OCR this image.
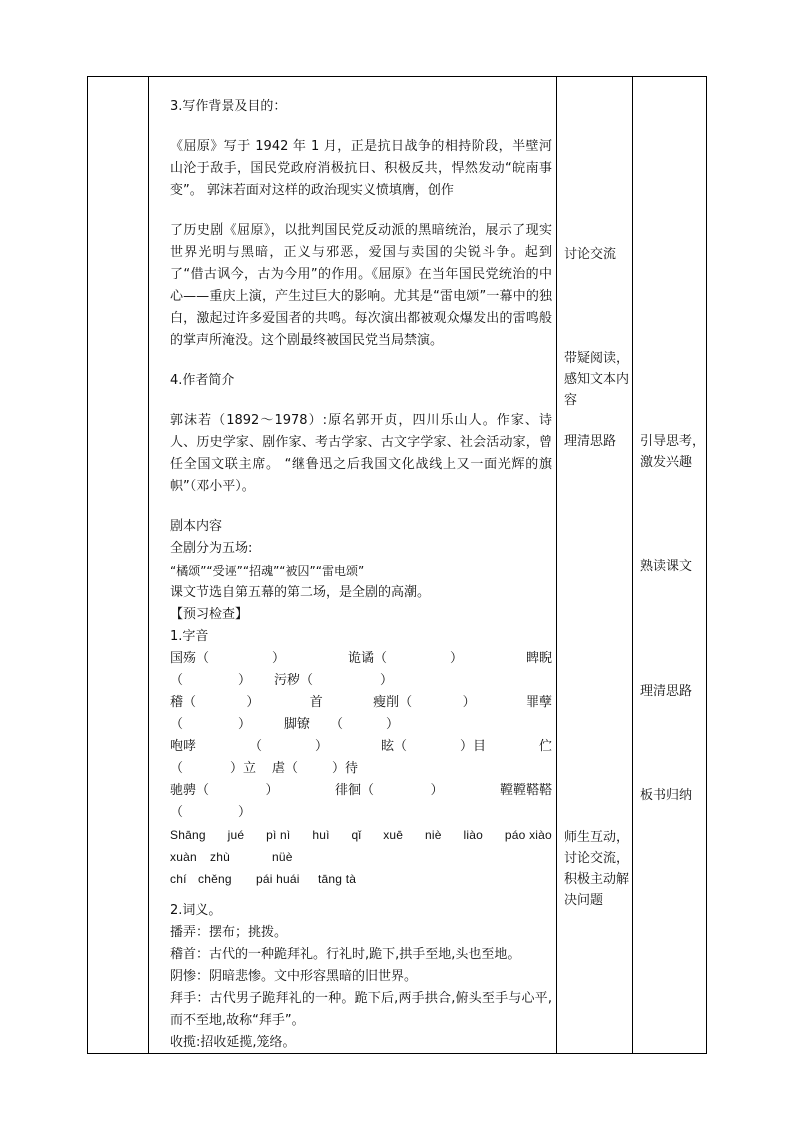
3.写作背景及目的：

《屈原》写于 1942 年 1 月，正是抗日战争的相持阶段，半壁河山沦于敌手，国民党政府消极抗日、积极反共，悍然发动“皖南事变”。 郭沫若面对这样的政治现实义愤填膺，创作

了历史剧《屈原》，以批判国民党反动派的黑暗统治，展示了现实世界光明与黑暗，正义与邪恶，爱国与卖国的尖锐斗争。起到了“借古讽今，古为今用”的作用。《屈原》在当年国民党统治的中心——重庆上演，产生过巨大的影响。尤其是“雷电颂”一幕中的独白，激起过许多爱国者的共鸣。每次演出都被观众爆发出的雷鸣般的掌声所淹没。这个剧最终被国民党当局禁演。

4.作者简介

郭沫若（1892～1978）:原名郭开贞，四川乐山人。作家、诗人、历史学家、剧作家、考古学家、古文字学家、社会活动家，曾任全国文联主席。 “继鲁迅之后我国文化战线上又一面光辉的旗帜”（邓小平）。

剧本内容

全剧分为五场:

“橘颂”“受诬”“招魂”“被囚”“雷电颂”

课文节选自第五幕的第二场，是全剧的高潮。

【预习检查】

1.字音

国殇（	）	诡谲（	）	睥睨
（	）	污秽（	）
稽（	）	首	瘦削（	）	罪孽
（	）	脚镣	（	）
咆哮	（	）	眩（	）目	伫
（	）立	虐（	）待
驰骋（	）	徘徊（	）	鞺鞺鞳鞳
（	）
Shāng jué pì nì huì qǐ xuē niè liào páo xiào
xuàn	zhù	nüè
chí chěng	pái huái	tāng tà

2.词义。

播弄：摆布；挑拨。

稽首：古代的一种跪拜礼。行礼时,跪下,拱手至地,头也至地。

阴惨：阴暗悲惨。文中形容黑暗的旧世界。

拜手：古代男子跪拜礼的一种。跪下后,两手拱合,俯头至手与心平,而不至地,故称“拜手”。

收揽:招收延揽,笼络。

讨论交流
带疑阅读，感知文本内容
理清思路
师生互动，讨论交流，积极主动解决问题
引导思考，激发兴趣
熟读课文
理清思路
板书归纳
